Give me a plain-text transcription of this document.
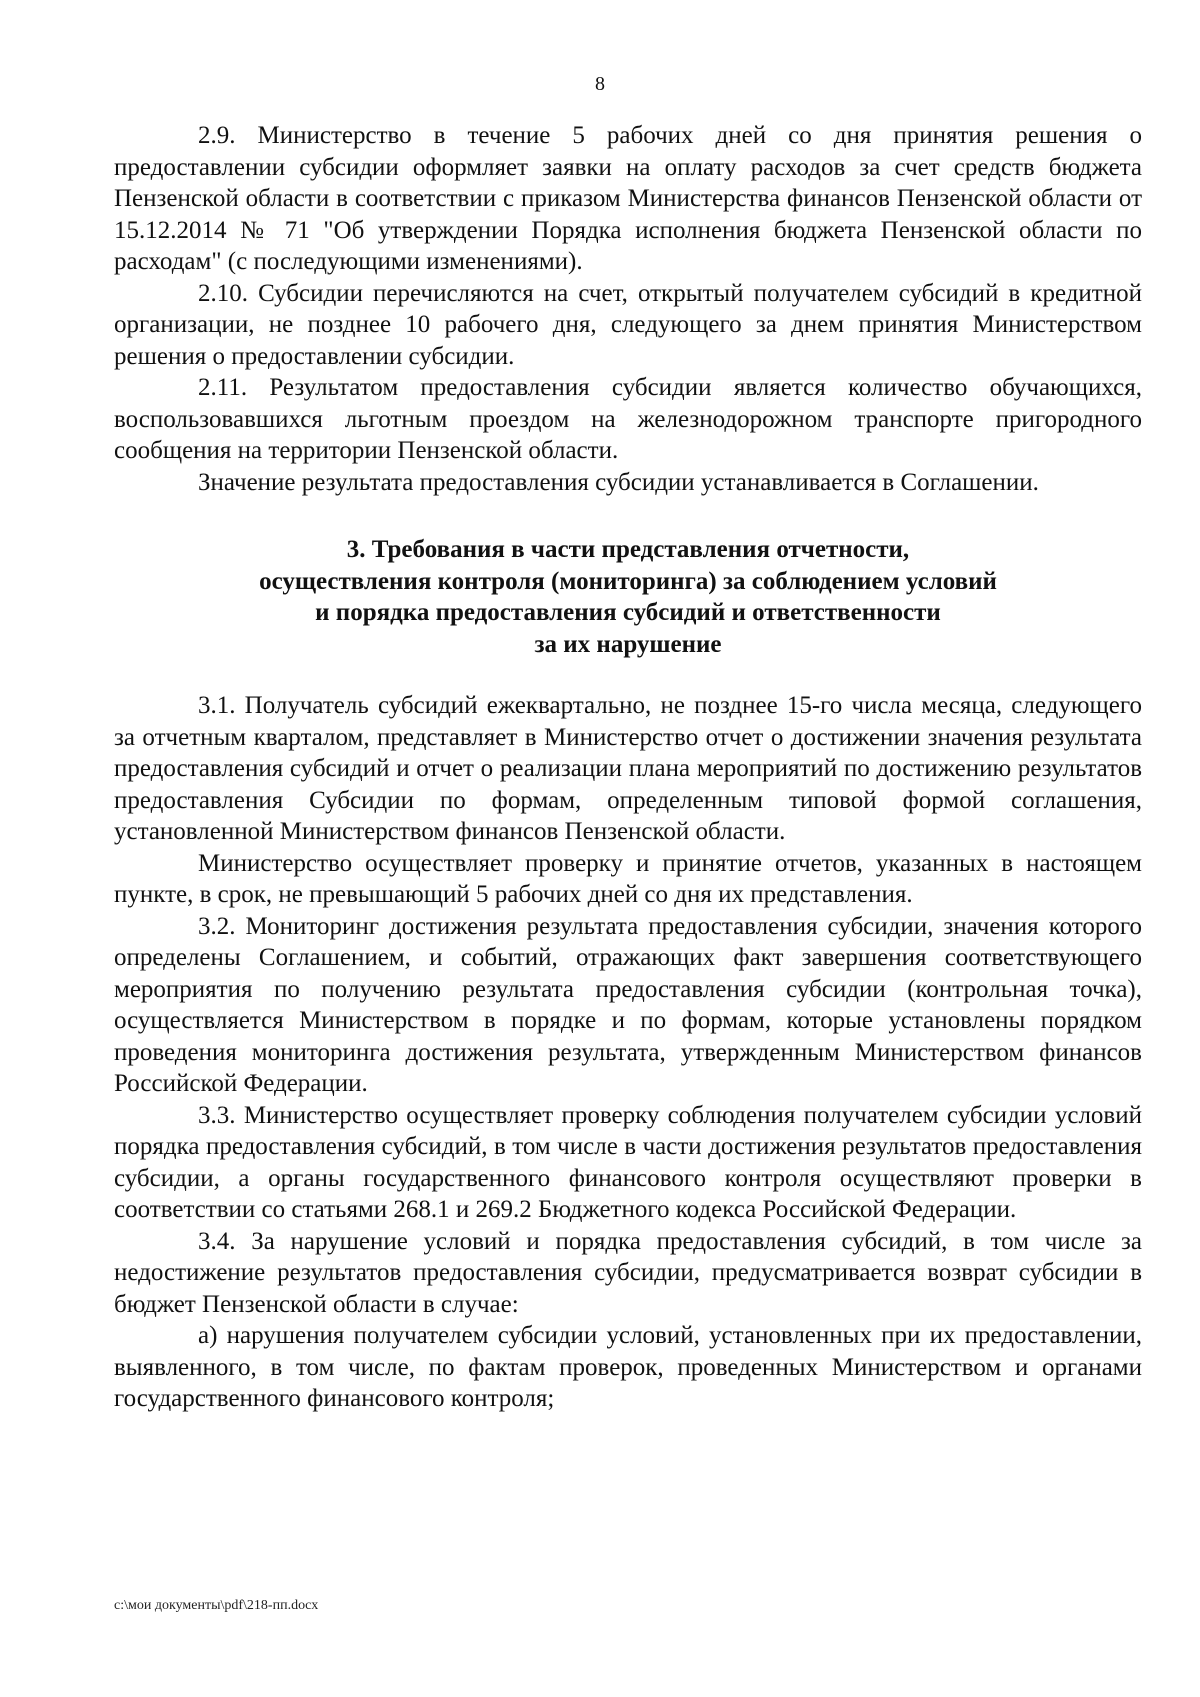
8

2.9. Министерство в течение 5 рабочих дней со дня принятия решения о предоставлении субсидии оформляет заявки на оплату расходов за счет средств бюджета Пензенской области в соответствии с приказом Министерства финансов Пензенской области от 15.12.2014 № 71 "Об утверждении Порядка исполнения бюджета Пензенской области по расходам" (с последующими изменениями).

2.10. Субсидии перечисляются на счет, открытый получателем субсидий в кредитной организации, не позднее 10 рабочего дня, следующего за днем принятия Министерством решения о предоставлении субсидии.

2.11. Результатом предоставления субсидии является количество обучающихся, воспользовавшихся льготным проездом на железнодорожном транспорте пригородного сообщения на территории Пензенской области.

Значение результата предоставления субсидии устанавливается в Соглашении.

3. Требования в части представления отчетности,
осуществления контроля (мониторинга) за соблюдением условий
и порядка предоставления субсидий и ответственности
за их нарушение

3.1. Получатель субсидий ежеквартально, не позднее 15-го числа месяца, следующего за отчетным кварталом, представляет в Министерство отчет о достижении значения результата предоставления субсидий и отчет о реализации плана мероприятий по достижению результатов предоставления Субсидии по формам, определенным типовой формой соглашения, установленной Министерством финансов Пензенской области.

Министерство осуществляет проверку и принятие отчетов, указанных в настоящем пункте, в срок, не превышающий 5 рабочих дней со дня их представления.

3.2. Мониторинг достижения результата предоставления субсидии, значения которого определены Соглашением, и событий, отражающих факт завершения соответствующего мероприятия по получению результата предоставления субсидии (контрольная точка), осуществляется Министерством в порядке и по формам, которые установлены порядком проведения мониторинга достижения результата, утвержденным Министерством финансов Российской Федерации.

3.3. Министерство осуществляет проверку соблюдения получателем субсидии условий порядка предоставления субсидий, в том числе в части достижения результатов предоставления субсидии, а органы государственного финансового контроля осуществляют проверки в соответствии со статьями 268.1 и 269.2 Бюджетного кодекса Российской Федерации.

3.4. За нарушение условий и порядка предоставления субсидий, в том числе за недостижение результатов предоставления субсидии, предусматривается возврат субсидии в бюджет Пензенской области в случае:

а) нарушения получателем субсидии условий, установленных при их предоставлении, выявленного, в том числе, по фактам проверок, проведенных Министерством и органами государственного финансового контроля;

c:\мои документы\pdf\218-пп.docx
